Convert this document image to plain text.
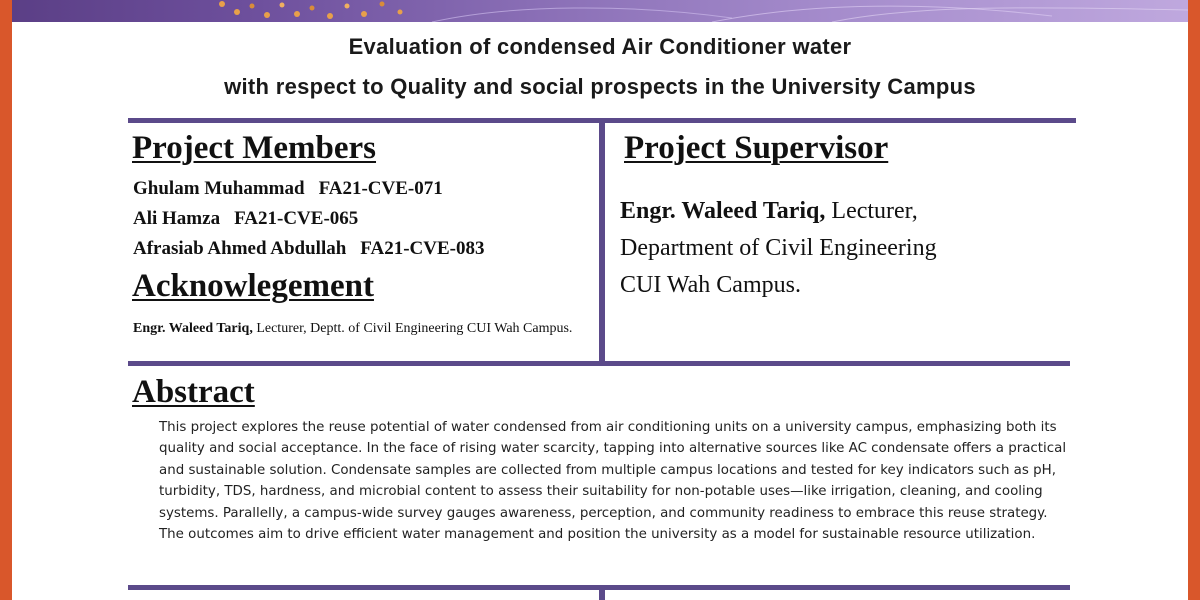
Evaluation of condensed Air Conditioner water
with respect to Quality and social prospects in the University Campus
Project Members
Ghulam Muhammad FA21-CVE-071
Ali Hamza FA21-CVE-065
Afrasiab Ahmed Abdullah FA21-CVE-083
Acknowlegement
Engr. Waleed Tariq, Lecturer, Deptt. of Civil Engineering CUI Wah Campus.
Project Supervisor
Engr. Waleed Tariq, Lecturer,
Department of Civil Engineering
CUI Wah Campus.
Abstract
This project explores the reuse potential of water condensed from air conditioning units on a university campus, emphasizing both its quality and social acceptance. In the face of rising water scarcity, tapping into alternative sources like AC condensate offers a practical and sustainable solution. Condensate samples are collected from multiple campus locations and tested for key indicators such as pH, turbidity, TDS, hardness, and microbial content to assess their suitability for non-potable uses—like irrigation, cleaning, and cooling systems. Parallelly, a campus-wide survey gauges awareness, perception, and community readiness to embrace this reuse strategy. The outcomes aim to drive efficient water management and position the university as a model for sustainable resource utilization.
